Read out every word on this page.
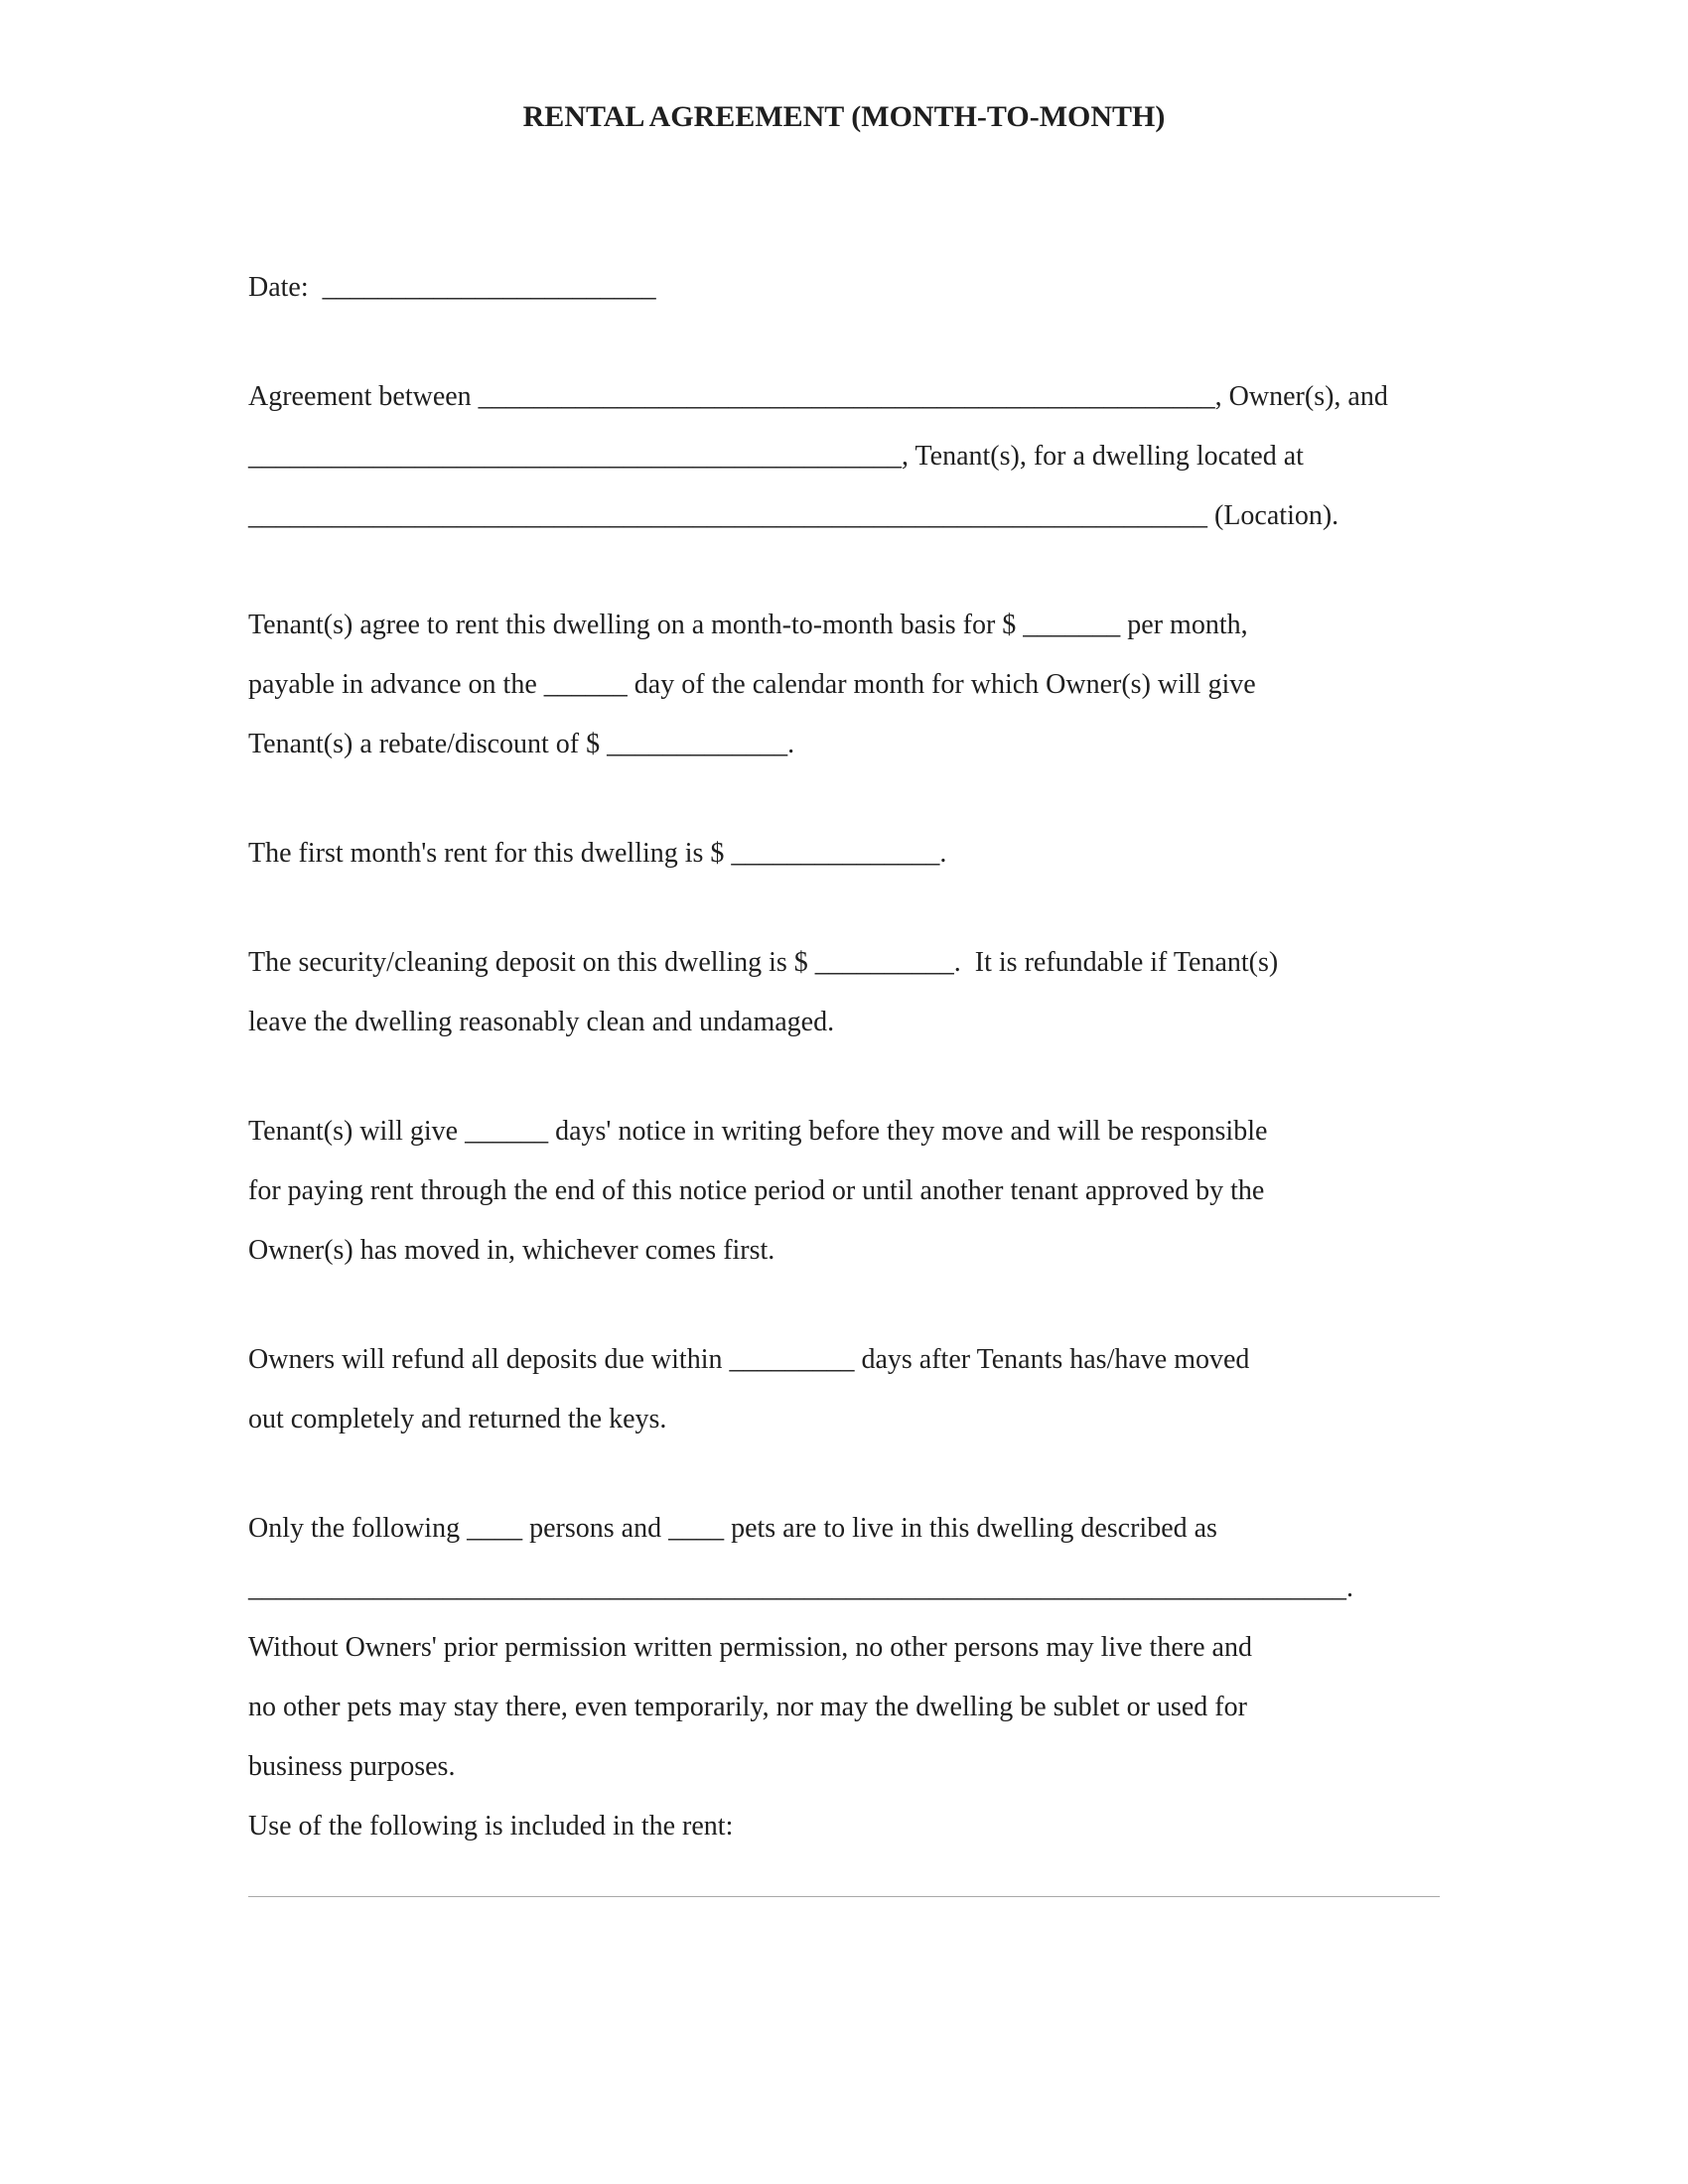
RENTAL AGREEMENT (MONTH-TO-MONTH)

Date:  ________________________

Agreement between _____________________________________________________, Owner(s), and
_______________________________________________, Tenant(s), for a dwelling located at
_____________________________________________________________________ (Location).

Tenant(s) agree to rent this dwelling on a month-to-month basis for $ _______ per month,
payable in advance on the ______ day of the calendar month for which Owner(s) will give
Tenant(s) a rebate/discount of $ _____________.

The first month's rent for this dwelling is $ _______________.

The security/cleaning deposit on this dwelling is $ __________.  It is refundable if Tenant(s)
leave the dwelling reasonably clean and undamaged.

Tenant(s) will give ______ days' notice in writing before they move and will be responsible
for paying rent through the end of this notice period or until another tenant approved by the
Owner(s) has moved in, whichever comes first.

Owners will refund all deposits due within _________ days after Tenants has/have moved
out completely and returned the keys.

Only the following ____ persons and ____ pets are to live in this dwelling described as
_______________________________________________________________________________.

Without Owners' prior permission written permission, no other persons may live there and
no other pets may stay there, even temporarily, nor may the dwelling be sublet or used for
business purposes.

Use of the following is included in the rent:
